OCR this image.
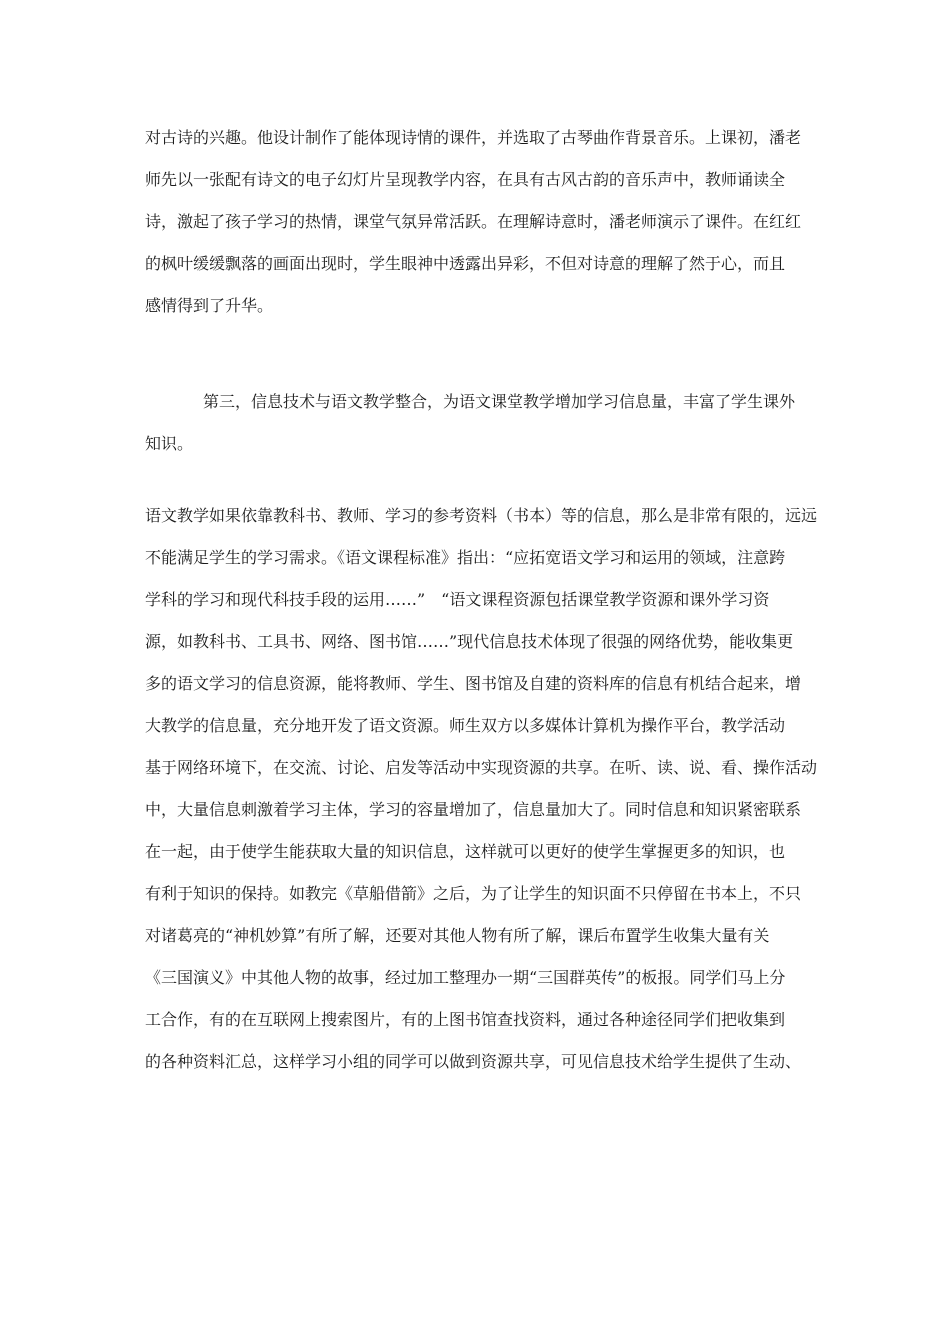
对古诗的兴趣。他设计制作了能体现诗情的课件，并选取了古琴曲作背景音乐。上课初，潘老
师先以一张配有诗文的电子幻灯片呈现教学内容，在具有古风古韵的音乐声中，教师诵读全
诗，激起了孩子学习的热情，课堂气氛异常活跃。在理解诗意时，潘老师演示了课件。在红红
的枫叶缓缓飘落的画面出现时，学生眼神中透露出异彩，不但对诗意的理解了然于心，而且
感情得到了升华。
第三，信息技术与语文教学整合，为语文课堂教学增加学习信息量，丰富了学生课外
知识。
语文教学如果依靠教科书、教师、学习的参考资料（书本）等的信息，那么是非常有限的，远远
不能满足学生的学习需求。《语文课程标准》指出：“应拓宽语文学习和运用的领域，注意跨
学科的学习和现代科技手段的运用……”　“语文课程资源包括课堂教学资源和课外学习资
源，如教科书、工具书、网络、图书馆……”现代信息技术体现了很强的网络优势，能收集更
多的语文学习的信息资源，能将教师、学生、图书馆及自建的资料库的信息有机结合起来，增
大教学的信息量，充分地开发了语文资源。师生双方以多媒体计算机为操作平台，教学活动
基于网络环境下，在交流、讨论、启发等活动中实现资源的共享。在听、读、说、看、操作活动
中，大量信息刺激着学习主体，学习的容量增加了，信息量加大了。同时信息和知识紧密联系
在一起，由于使学生能获取大量的知识信息，这样就可以更好的使学生掌握更多的知识，也
有利于知识的保持。如教完《草船借箭》之后，为了让学生的知识面不只停留在书本上，不只
对诸葛亮的“神机妙算”有所了解，还要对其他人物有所了解，课后布置学生收集大量有关
《三国演义》中其他人物的故事，经过加工整理办一期“三国群英传”的板报。同学们马上分
工合作，有的在互联网上搜索图片，有的上图书馆查找资料，通过各种途径同学们把收集到
的各种资料汇总，这样学习小组的同学可以做到资源共享，可见信息技术给学生提供了生动、
